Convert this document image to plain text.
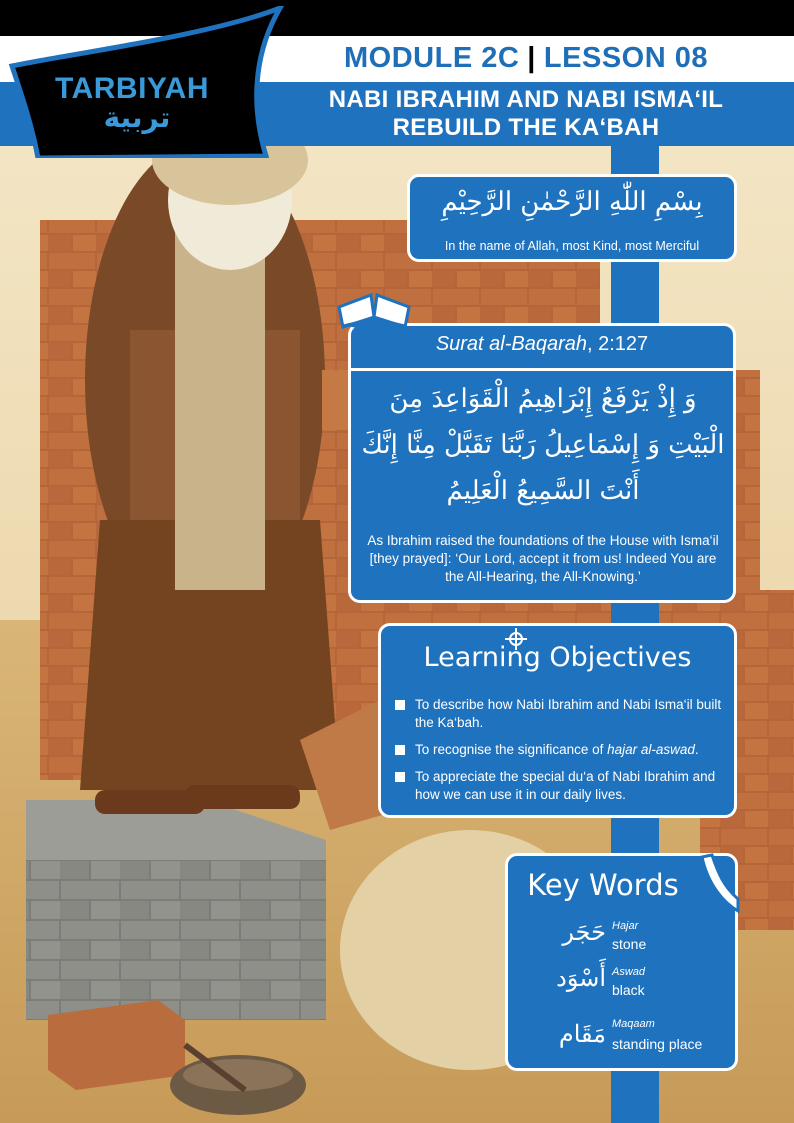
TARBIYAH
تربية
MODULE 2C | LESSON 08
NABI IBRAHIM AND NABI ISMA‘IL
REBUILD THE KA‘BAH
بِسْمِ اللّٰهِ الرَّحْمٰنِ الرَّحِيْمِ
In the name of Allah, most Kind, most Merciful
Surat al-Baqarah, 2:127
وَ إِذْ يَرْفَعُ إِبْرَاهِيمُ الْقَوَاعِدَ مِنَ الْبَيْتِ وَ إِسْمَاعِيلُ رَبَّنَا تَقَبَّلْ مِنَّا إِنَّكَ أَنْتَ السَّمِيعُ الْعَلِيمُ
As Ibrahim raised the foundations of the House with Isma‘il [they prayed]: ‘Our Lord, accept it from us! Indeed You are the All-Hearing, the All-Knowing.’
Learning Objectives
To describe how Nabi Ibrahim and Nabi Isma‘il built the Ka‘bah.
To recognise the significance of hajar al-aswad.
To appreciate the special du‘a of Nabi Ibrahim and how we can use it in our daily lives.
Key Words
حَجَر Hajar
stone
أَسْوَد Aswad
black
مَقَام Maqaam
standing place
